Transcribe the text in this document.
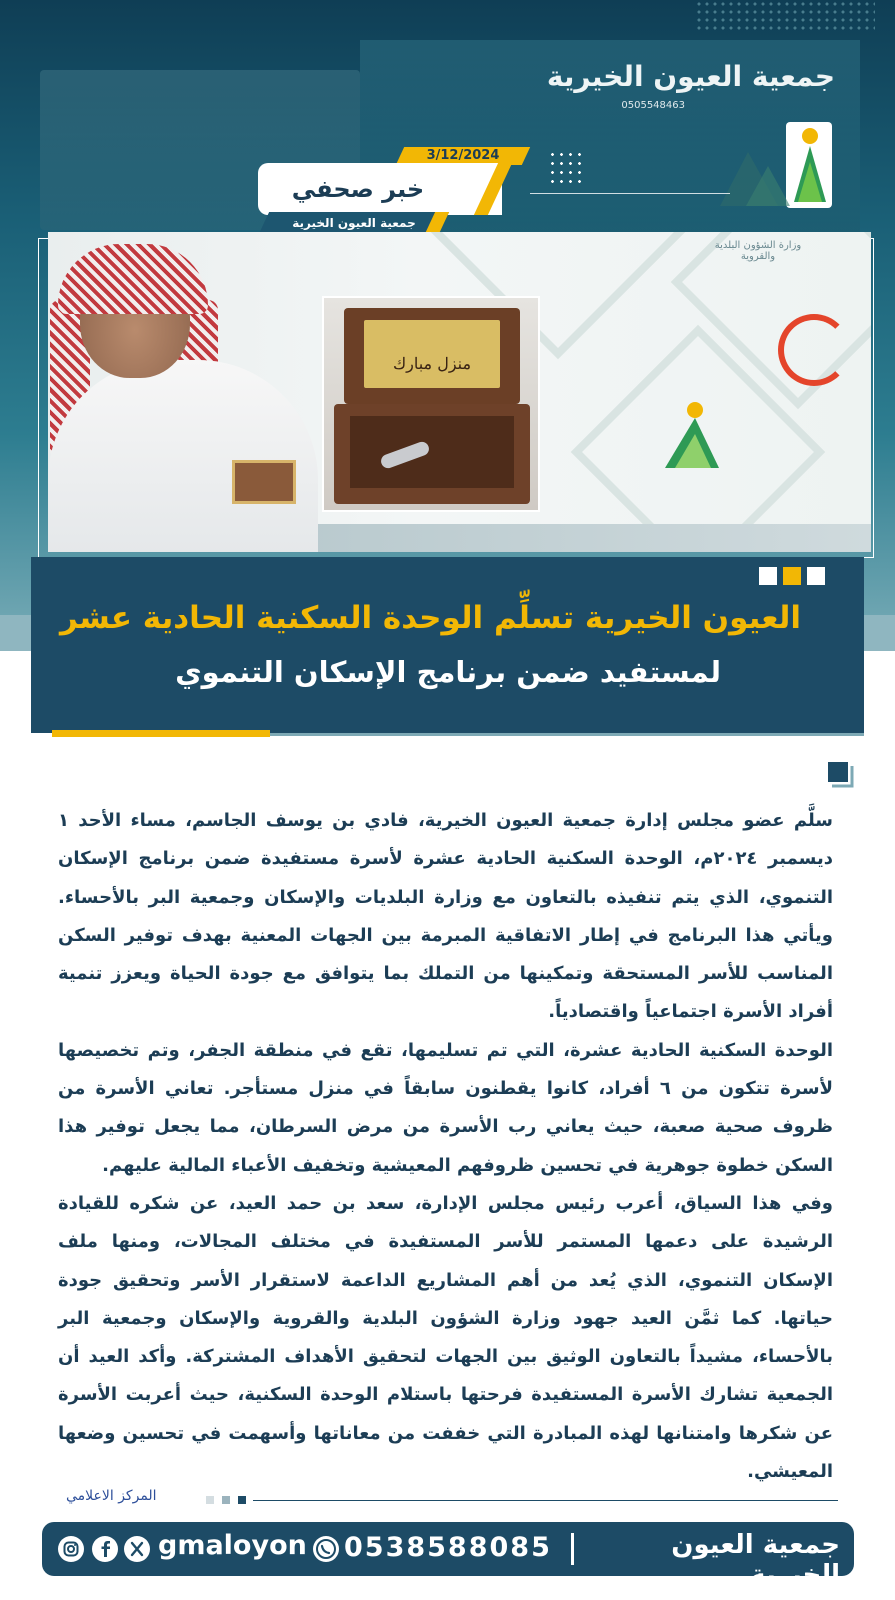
جمعية العيون الخيرية
0505548463
3/12/2024
خبر صحفي
جمعية العيون الخيرية
وزارة الشؤون البلدية والقروية
منزل مبارك
العيون الخيرية تسلِّم الوحدة السكنية الحادية عشر
لمستفيد ضمن برنامج الإسكان التنموي

سلَّم عضو مجلس إدارة جمعية العيون الخيرية، فادي بن يوسف الجاسم، مساء الأحد ١ ديسمبر ٢٠٢٤م، الوحدة السكنية الحادية عشرة لأسرة مستفيدة ضمن برنامج الإسكان التنموي، الذي يتم تنفيذه بالتعاون مع وزارة البلديات والإسكان وجمعية البر بالأحساء. ويأتي هذا البرنامج في إطار الاتفاقية المبرمة بين الجهات المعنية بهدف توفير السكن المناسب للأسر المستحقة وتمكينها من التملك بما يتوافق مع جودة الحياة ويعزز تنمية أفراد الأسرة اجتماعياً واقتصادياً.

الوحدة السكنية الحادية عشرة، التي تم تسليمها، تقع في منطقة الجفر، وتم تخصيصها لأسرة تتكون من ٦ أفراد، كانوا يقطنون سابقاً في منزل مستأجر. تعاني الأسرة من ظروف صحية صعبة، حيث يعاني رب الأسرة من مرض السرطان، مما يجعل توفير هذا السكن خطوة جوهرية في تحسين ظروفهم المعيشية وتخفيف الأعباء المالية عليهم.

وفي هذا السياق، أعرب رئيس مجلس الإدارة، سعد بن حمد العيد، عن شكره للقيادة الرشيدة على دعمها المستمر للأسر المستفيدة في مختلف المجالات، ومنها ملف الإسكان التنموي، الذي يُعد من أهم المشاريع الداعمة لاستقرار الأسر وتحقيق جودة حياتها. كما ثمَّن العيد جهود وزارة الشؤون البلدية والقروية والإسكان وجمعية البر بالأحساء، مشيداً بالتعاون الوثيق بين الجهات لتحقيق الأهداف المشتركة. وأكد العيد أن الجمعية تشارك الأسرة المستفيدة فرحتها باستلام الوحدة السكنية، حيث أعربت الأسرة عن شكرها وامتنانها لهذه المبادرة التي خففت من معاناتها وأسهمت في تحسين وضعها المعيشي.

المركز الاعلامي
جمعية العيون الخيرية
0538588085
gmaloyon
